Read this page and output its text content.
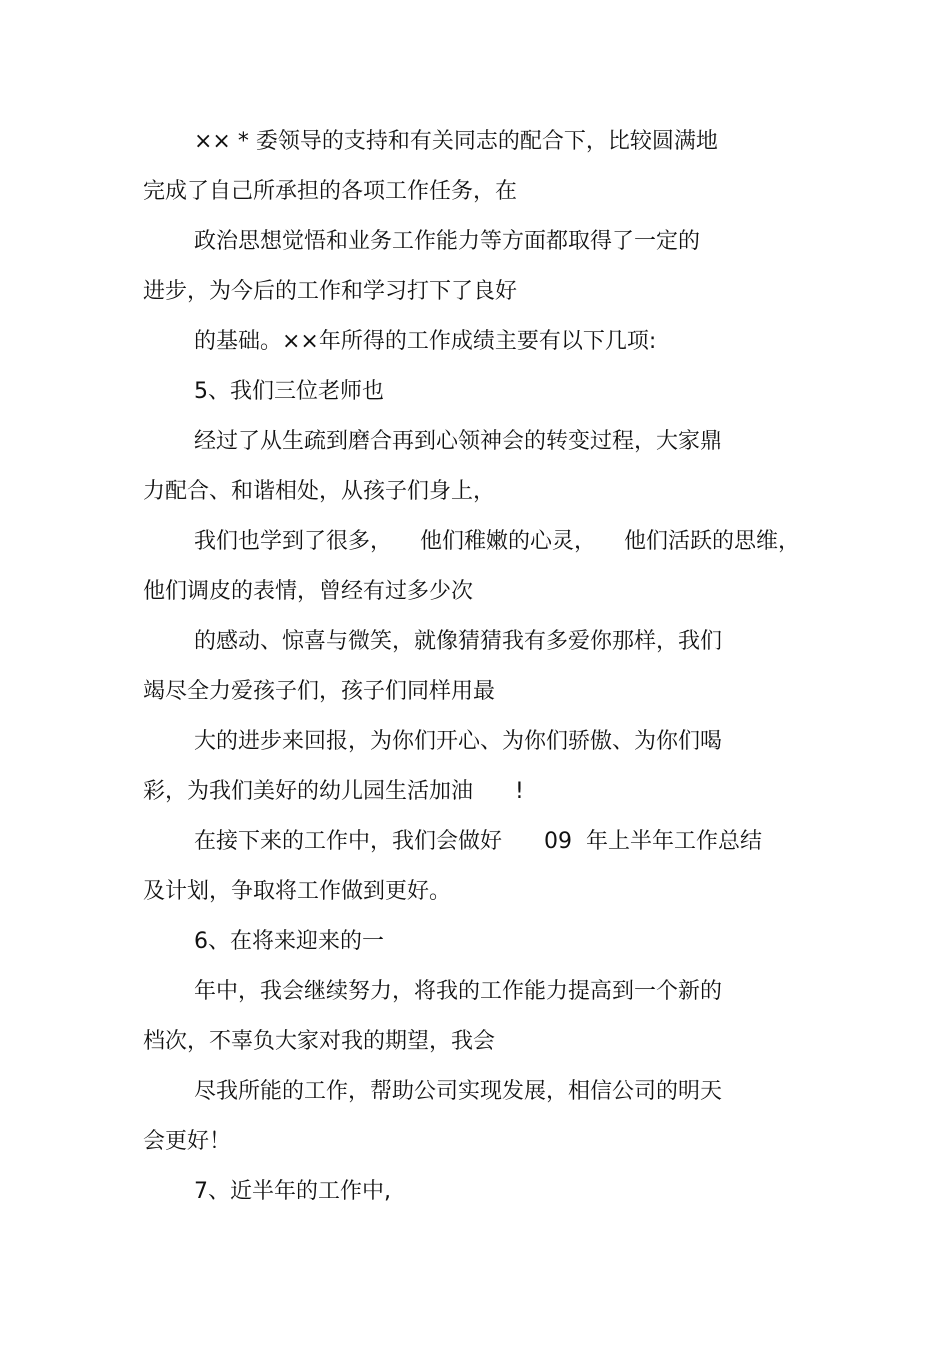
×× * 委领导的支持和有关同志的配合下，比较圆满地
完成了自己所承担的各项工作任务，在
政治思想觉悟和业务工作能力等方面都取得了一定的
进步，为今后的工作和学习打下了良好
的基础。××年所得的工作成绩主要有以下几项:
5、我们三位老师也
经过了从生疏到磨合再到心领神会的转变过程，大家鼎
力配合、和谐相处，从孩子们身上，
我们也学到了很多，    他们稚嫩的心灵，    他们活跃的思维，
他们调皮的表情，曾经有过多少次
的感动、惊喜与微笑，就像猜猜我有多爱你那样，我们
竭尽全力爱孩子们，孩子们同样用最
大的进步来回报，为你们开心、为你们骄傲、为你们喝
彩，为我们美好的幼儿园生活加油      !
在接下来的工作中，我们会做好      09  年上半年工作总结
及计划，争取将工作做到更好。
6、在将来迎来的一
年中，我会继续努力，将我的工作能力提高到一个新的
档次，不辜负大家对我的期望，我会
尽我所能的工作，帮助公司实现发展，相信公司的明天
会更好！
7、近半年的工作中,
